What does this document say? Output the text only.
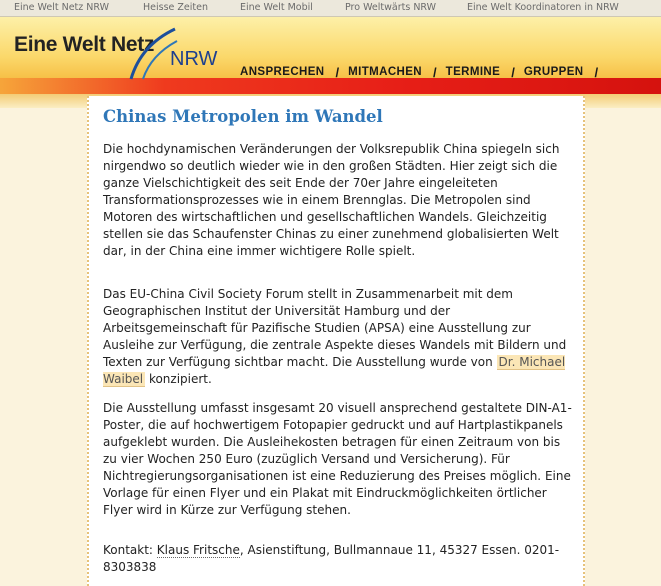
Eine Welt Netz NRW	Heisse Zeiten	Eine Welt Mobil	Pro Weltwärts NRW	Eine Welt Koordinatoren in NRW
Eine Welt Netz
NRW
ANSPRECHEN / MITMACHEN / TERMINE / GRUPPEN /
Chinas Metropolen im Wandel

Die hochdynamischen Veränderungen der Volksrepublik China spiegeln sich nirgendwo so deutlich wieder wie in den großen Städten. Hier zeigt sich die ganze Vielschichtigkeit des seit Ende der 70er Jahre eingeleiteten Transformationsprozesses wie in einem Brennglas. Die Metropolen sind Motoren des wirtschaftlichen und gesellschaftlichen Wandels. Gleichzeitig stellen sie das Schaufenster Chinas zu einer zunehmend globalisierten Welt dar, in der China eine immer wichtigere Rolle spielt.

Das EU-China Civil Society Forum stellt in Zusammenarbeit mit dem Geographischen Institut der Universität Hamburg und der Arbeitsgemeinschaft für Pazifische Studien (APSA) eine Ausstellung zur Ausleihe zur Verfügung, die zentrale Aspekte dieses Wandels mit Bildern und Texten zur Verfügung sichtbar macht. Die Ausstellung wurde von Dr. Michael Waibel konzipiert.

Die Ausstellung umfasst insgesamt 20 visuell ansprechend gestaltete DIN-A1-Poster, die auf hochwertigem Fotopapier gedruckt und auf Hartplastikpanels aufgeklebt wurden. Die Ausleihekosten betragen für einen Zeitraum von bis zu vier Wochen 250 Euro (zuzüglich Versand und Versicherung). Für Nichtregierungsorganisationen ist eine Reduzierung des Preises möglich. Eine Vorlage für einen Flyer und ein Plakat mit Eindruckmöglichkeiten örtlicher Flyer wird in Kürze zur Verfügung stehen.

Kontakt: Klaus Fritsche, Asienstiftung, Bullmannaue 11, 45327 Essen. 0201-8303838
